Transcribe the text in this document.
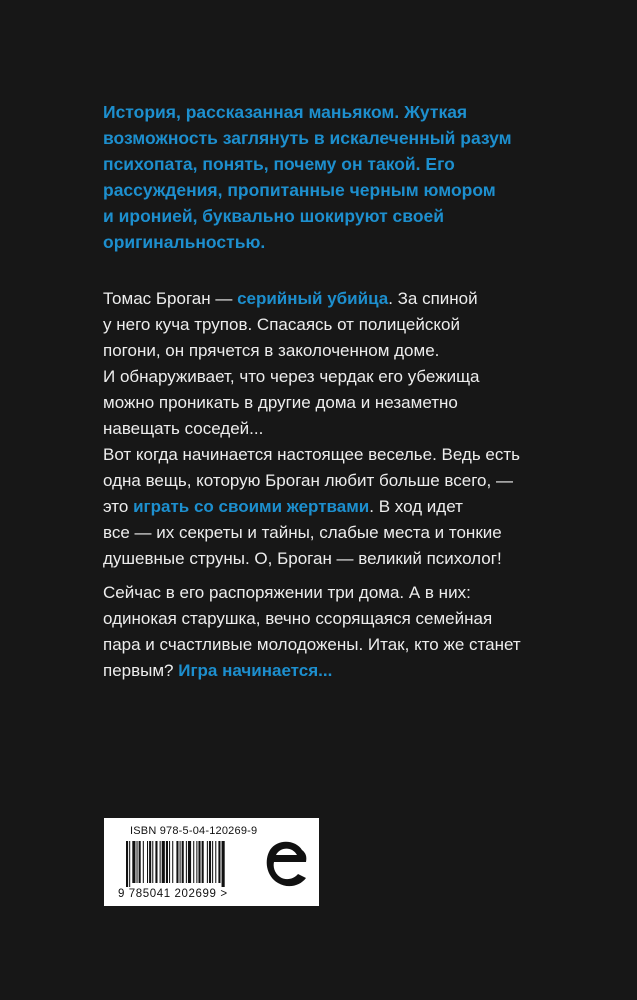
История, рассказанная маньяком. Жуткая
возможность заглянуть в искалеченный разум
психопата, понять, почему он такой. Его
рассуждения, пропитанные черным юмором
и иронией, буквально шокируют своей
оригинальностью.

Томас Броган — серийный убийца. За спиной
у него куча трупов. Спасаясь от полицейской
погони, он прячется в заколоченном доме.
И обнаруживает, что через чердак его убежища
можно проникать в другие дома и незаметно
навещать соседей...

Вот когда начинается настоящее веселье. Ведь есть
одна вещь, которую Броган любит больше всего, —
это играть со своими жертвами. В ход идет
все — их секреты и тайны, слабые места и тонкие
душевные струны. О, Броган — великий психолог!

Сейчас в его распоряжении три дома. А в них:
одинокая старушка, вечно ссорящаяся семейная
пара и счастливые молодожены. Итак, кто же станет
первым? Игра начинается...

ISBN 978-5-04-120269-9
9 785041 202699 >
